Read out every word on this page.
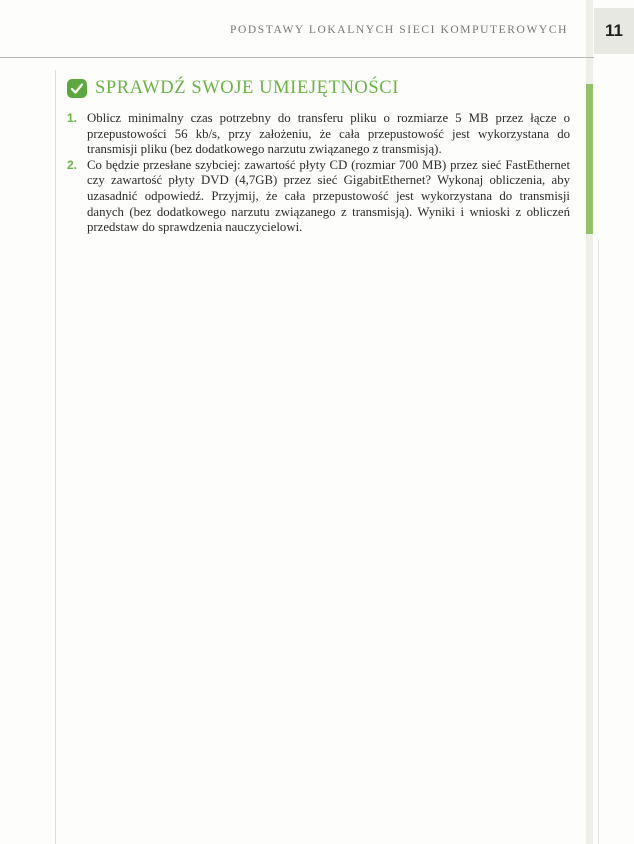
PODSTAWY LOKALNYCH SIECI KOMPUTEROWYCH	11
SPRAWDŹ SWOJE UMIEJĘTNOŚCI
1. Oblicz minimalny czas potrzebny do transferu pliku o rozmiarze 5 MB przez łącze o przepustowości 56 kb/s, przy założeniu, że cała przepustowość jest wykorzystana do transmisji pliku (bez dodatkowego narzutu związanego z transmisją).
2. Co będzie przesłane szybciej: zawartość płyty CD (rozmiar 700 MB) przez sieć FastEthernet czy zawartość płyty DVD (4,7GB) przez sieć GigabitEthernet? Wykonaj obliczenia, aby uzasadnić odpowiedź. Przyjmij, że cała przepustowość jest wykorzystana do transmisji danych (bez dodatkowego narzutu związanego z transmisją). Wyniki i wnioski z obliczeń przedstaw do sprawdzenia nauczycielowi.
